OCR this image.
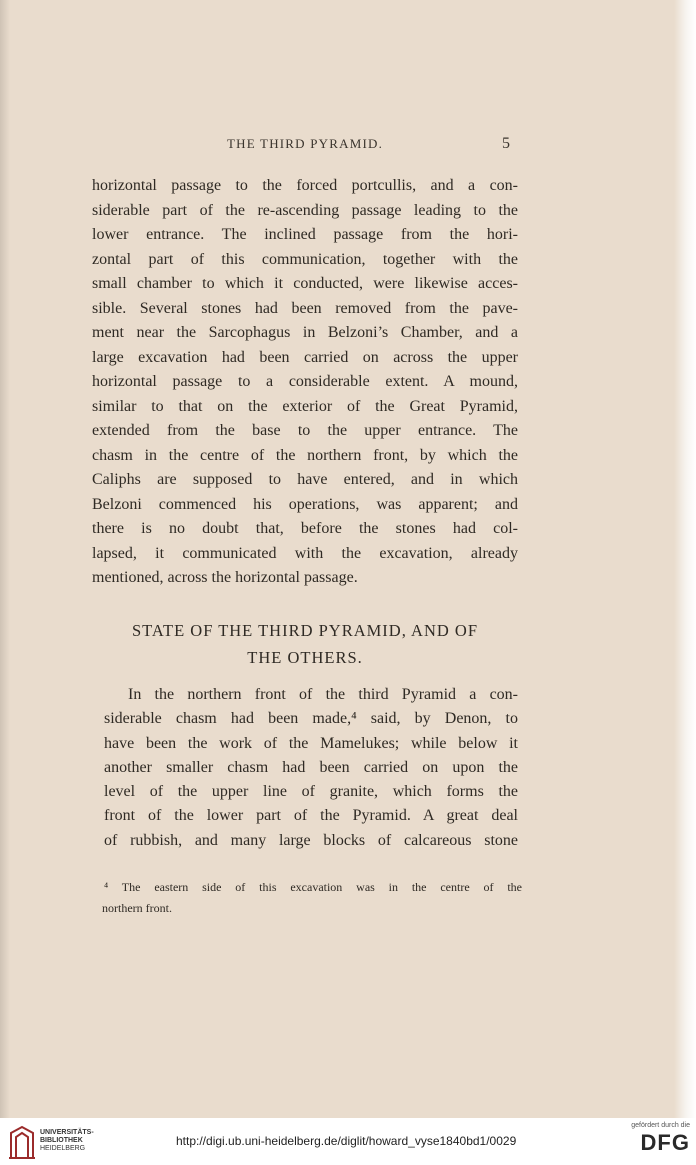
THE THIRD PYRAMID.	5
horizontal passage to the forced portcullis, and a con-
siderable part of the re-ascending passage leading to the
lower entrance. The inclined passage from the hori-
zontal part of this communication, together with the
small chamber to which it conducted, were likewise acces-
sible. Several stones had been removed from the pave-
ment near the Sarcophagus in Belzoni’s Chamber, and a
large excavation had been carried on across the upper
horizontal passage to a considerable extent. A mound,
similar to that on the exterior of the Great Pyramid,
extended from the base to the upper entrance. The
chasm in the centre of the northern front, by which the
Caliphs are supposed to have entered, and in which
Belzoni commenced his operations, was apparent; and
there is no doubt that, before the stones had col-
lapsed, it communicated with the excavation, already
mentioned, across the horizontal passage.
STATE OF THE THIRD PYRAMID, AND OF
THE OTHERS.
In the northern front of the third Pyramid a con-
siderable chasm had been made,⁴ said, by Denon, to
have been the work of the Mamelukes; while below it
another smaller chasm had been carried on upon the
level of the upper line of granite, which forms the
front of the lower part of the Pyramid. A great deal
of rubbish, and many large blocks of calcareous stone
⁴ The eastern side of this excavation was in the centre of the
northern front.
UNIVERSITÄTS-
BIBLIOTHEK
HEIDELBERG
http://digi.ub.uni-heidelberg.de/diglit/howard_vyse1840bd1/0029
gefördert durch die
DFG
